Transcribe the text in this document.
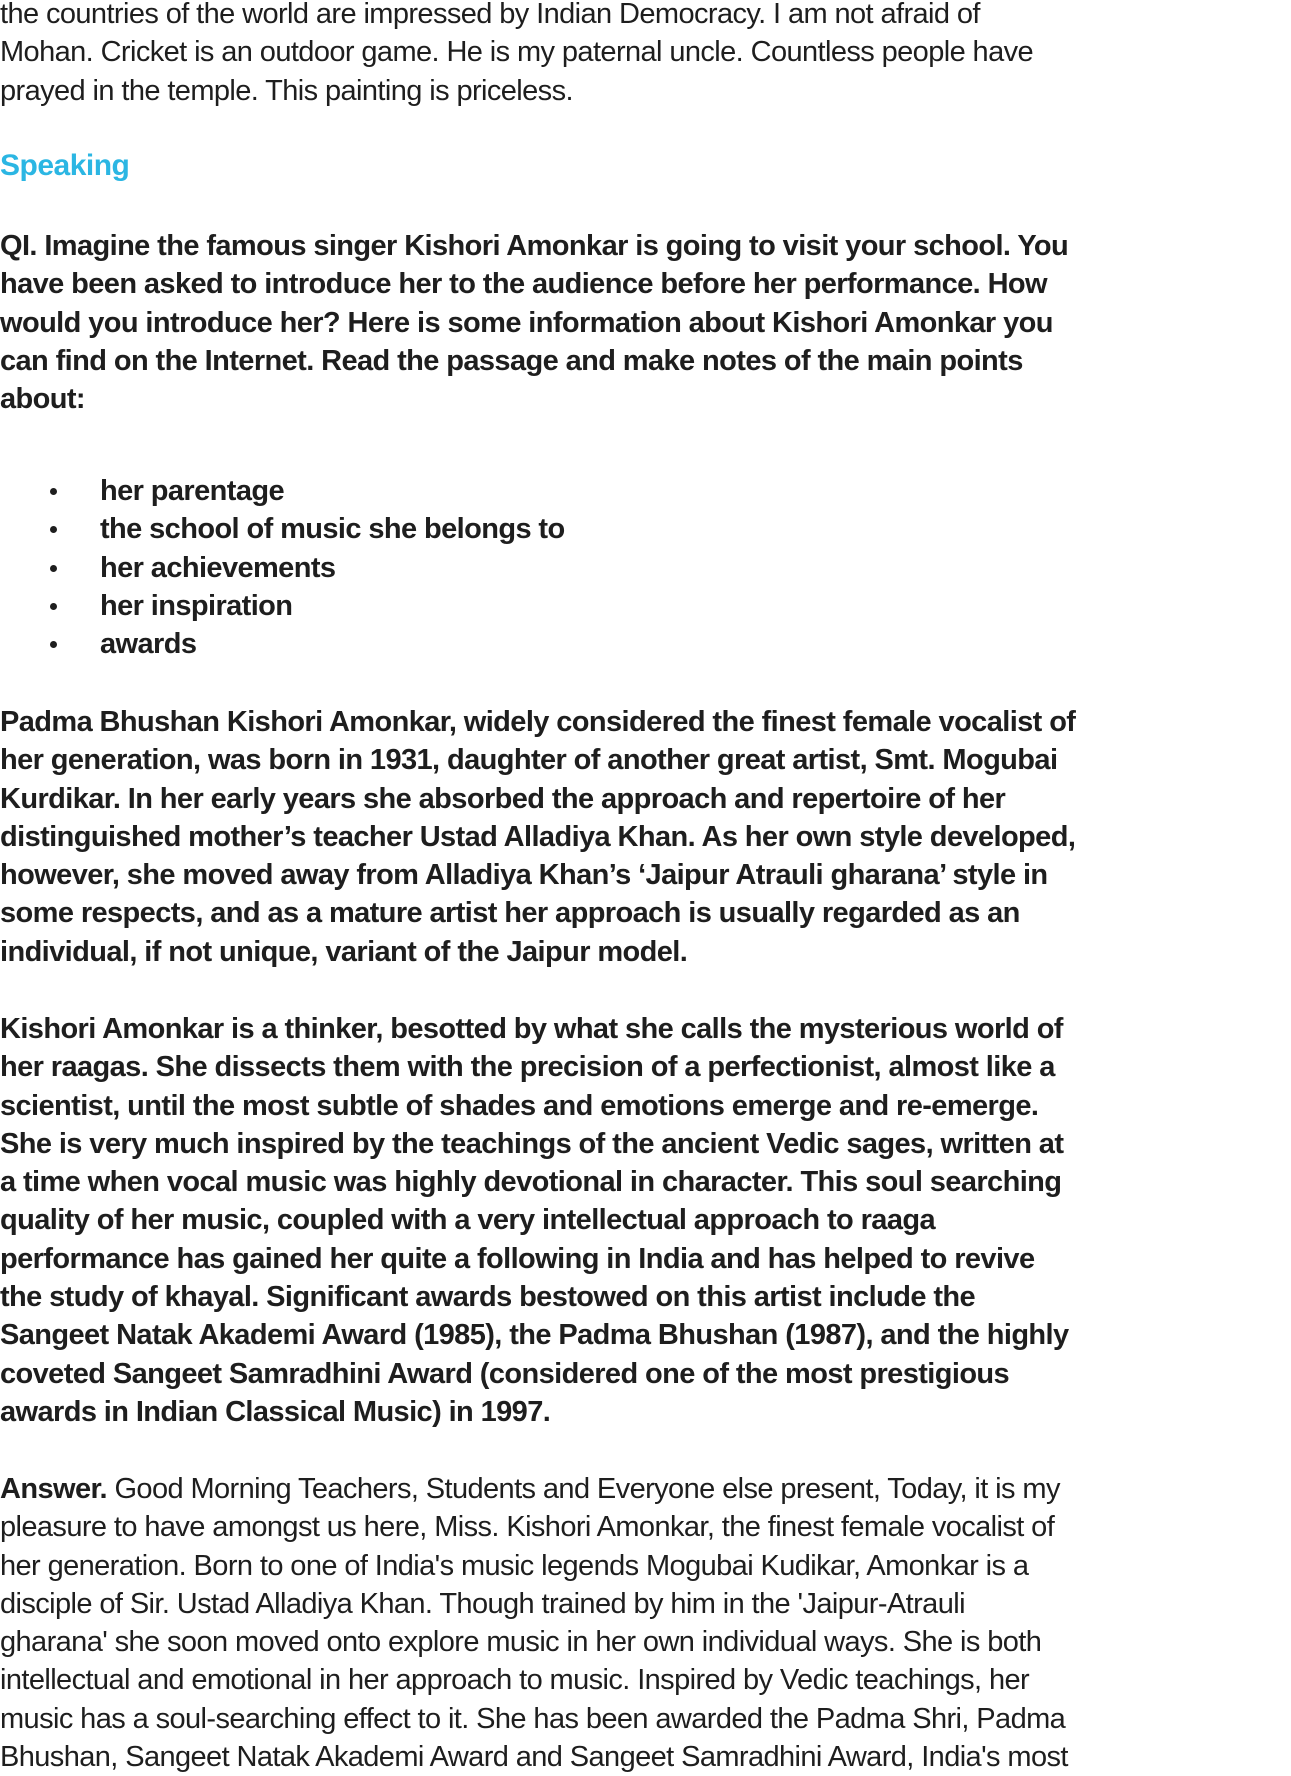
the countries of the world are impressed by Indian Democracy. I am not afraid of
Mohan. Cricket is an outdoor game. He is my paternal uncle. Countless people have
prayed in the temple. This painting is priceless.
Speaking
QI. Imagine the famous singer Kishori Amonkar is going to visit your school. You
have been asked to introduce her to the audience before her performance. How
would you introduce her? Here is some information about Kishori Amonkar you
can find on the Internet. Read the passage and make notes of the main points
about:
her parentage
the school of music she belongs to
her achievements
her inspiration
awards
Padma Bhushan Kishori Amonkar, widely considered the finest female vocalist of
her generation, was born in 1931, daughter of another great artist, Smt. Mogubai
Kurdikar. In her early years she absorbed the approach and repertoire of her
distinguished mother’s teacher Ustad Alladiya Khan. As her own style developed,
however, she moved away from Alladiya Khan’s ‘Jaipur Atrauli gharana’ style in
some respects, and as a mature artist her approach is usually regarded as an
individual, if not unique, variant of the Jaipur model.
Kishori Amonkar is a thinker, besotted by what she calls the mysterious world of
her raagas. She dissects them with the precision of a perfectionist, almost like a
scientist, until the most subtle of shades and emotions emerge and re-emerge.
She is very much inspired by the teachings of the ancient Vedic sages, written at
a time when vocal music was highly devotional in character. This soul searching
quality of her music, coupled with a very intellectual approach to raaga
performance has gained her quite a following in India and has helped to revive
the study of khayal. Significant awards bestowed on this artist include the
Sangeet Natak Akademi Award (1985), the Padma Bhushan (1987), and the highly
coveted Sangeet Samradhini Award (considered one of the most prestigious
awards in Indian Classical Music) in 1997.
Answer. Good Morning Teachers, Students and Everyone else present, Today, it is my
pleasure to have amongst us here, Miss. Kishori Amonkar, the finest female vocalist of
her generation. Born to one of India's music legends Mogubai Kudikar, Amonkar is a
disciple of Sir. Ustad Alladiya Khan. Though trained by him in the 'Jaipur-Atrauli
gharana' she soon moved onto explore music in her own individual ways. She is both
intellectual and emotional in her approach to music. Inspired by Vedic teachings, her
music has a soul-searching effect to it. She has been awarded the Padma Shri, Padma
Bhushan, Sangeet Natak Akademi Award and Sangeet Samradhini Award, India's most
